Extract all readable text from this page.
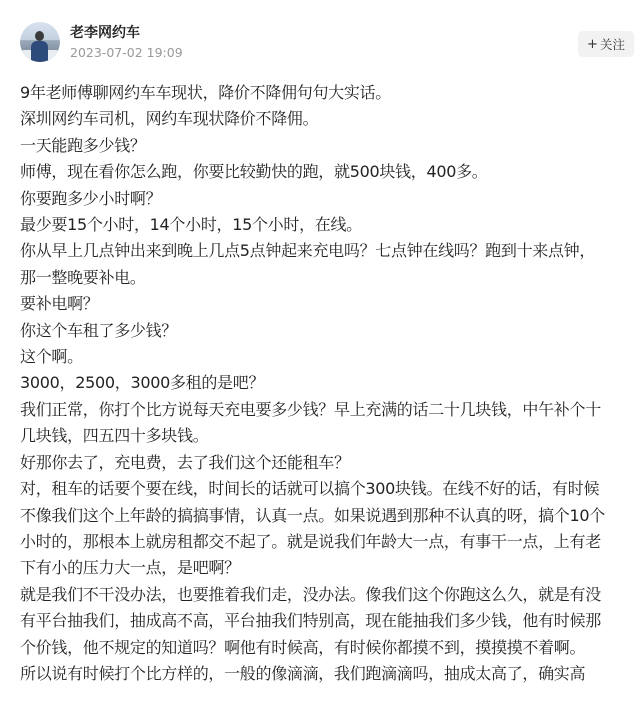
老李网约车
2023-07-02 19:09
+ 关注

9年老师傅聊网约车车现状，降价不降佣句句大实话。

深圳网约车司机，网约车现状降价不降佣。

一天能跑多少钱？

师傅，现在看你怎么跑，你要比较勤快的跑，就500块钱，400多。

你要跑多少小时啊？

最少要15个小时，14个小时，15个小时，在线。

你从早上几点钟出来到晚上几点5点钟起来充电吗？七点钟在线吗？跑到十来点钟，

那一整晚要补电。

要补电啊？

你这个车租了多少钱？

这个啊。

3000，2500，3000多租的是吧？

我们正常，你打个比方说每天充电要多少钱？早上充满的话二十几块钱，中午补个十

几块钱，四五四十多块钱。

好那你去了，充电费，去了我们这个还能租车？

对，租车的话要个要在线，时间长的话就可以搞个300块钱。在线不好的话，有时候

不像我们这个上年龄的搞搞事情，认真一点。如果说遇到那种不认真的呀，搞个10个

小时的，那根本上就房租都交不起了。就是说我们年龄大一点，有事干一点，上有老

下有小的压力大一点，是吧啊？

就是我们不干没办法，也要推着我们走，没办法。像我们这个你跑这么久，就是有没

有平台抽我们，抽成高不高，平台抽我们特别高，现在能抽我们多少钱，他有时候那

个价钱，他不规定的知道吗？啊他有时候高，有时候你都摸不到，摸摸摸不着啊。

所以说有时候打个比方样的，一般的像滴滴，我们跑滴滴吗，抽成太高了，确实高
